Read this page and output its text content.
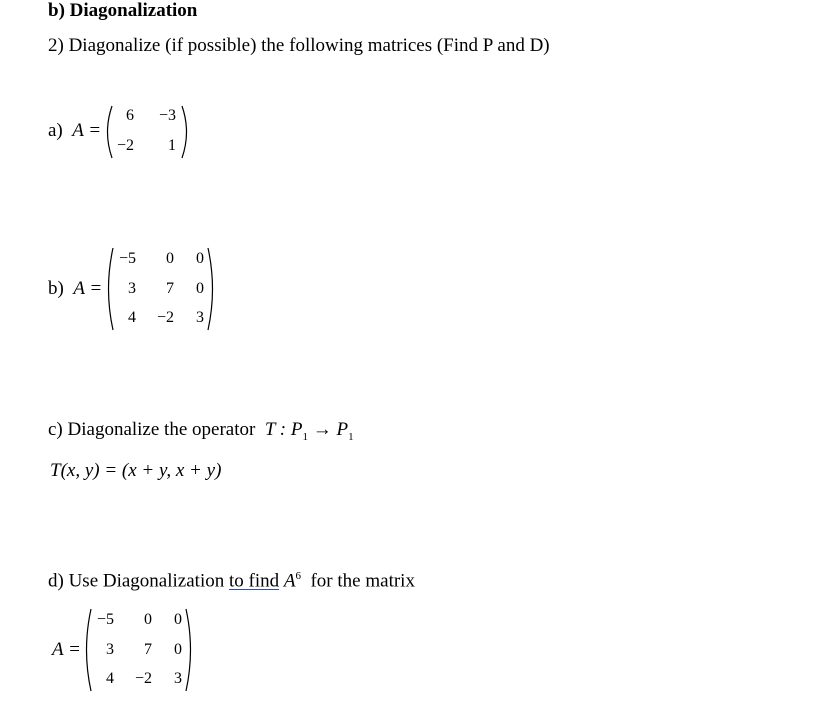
b) Diagonalization
2) Diagonalize (if possible) the following matrices (Find P and D)
a) A =
6	−3
−2	1
b) A =
−5	0	0
3	7	0
4	−2	3
c) Diagonalize the operator T : $P_1 \to P_1$
T(x, y) = (x + y, x + y)
d) Use Diagonalization to find $A^6$ for the matrix
A =
−5	0	0
3	7	0
4	−2	3
